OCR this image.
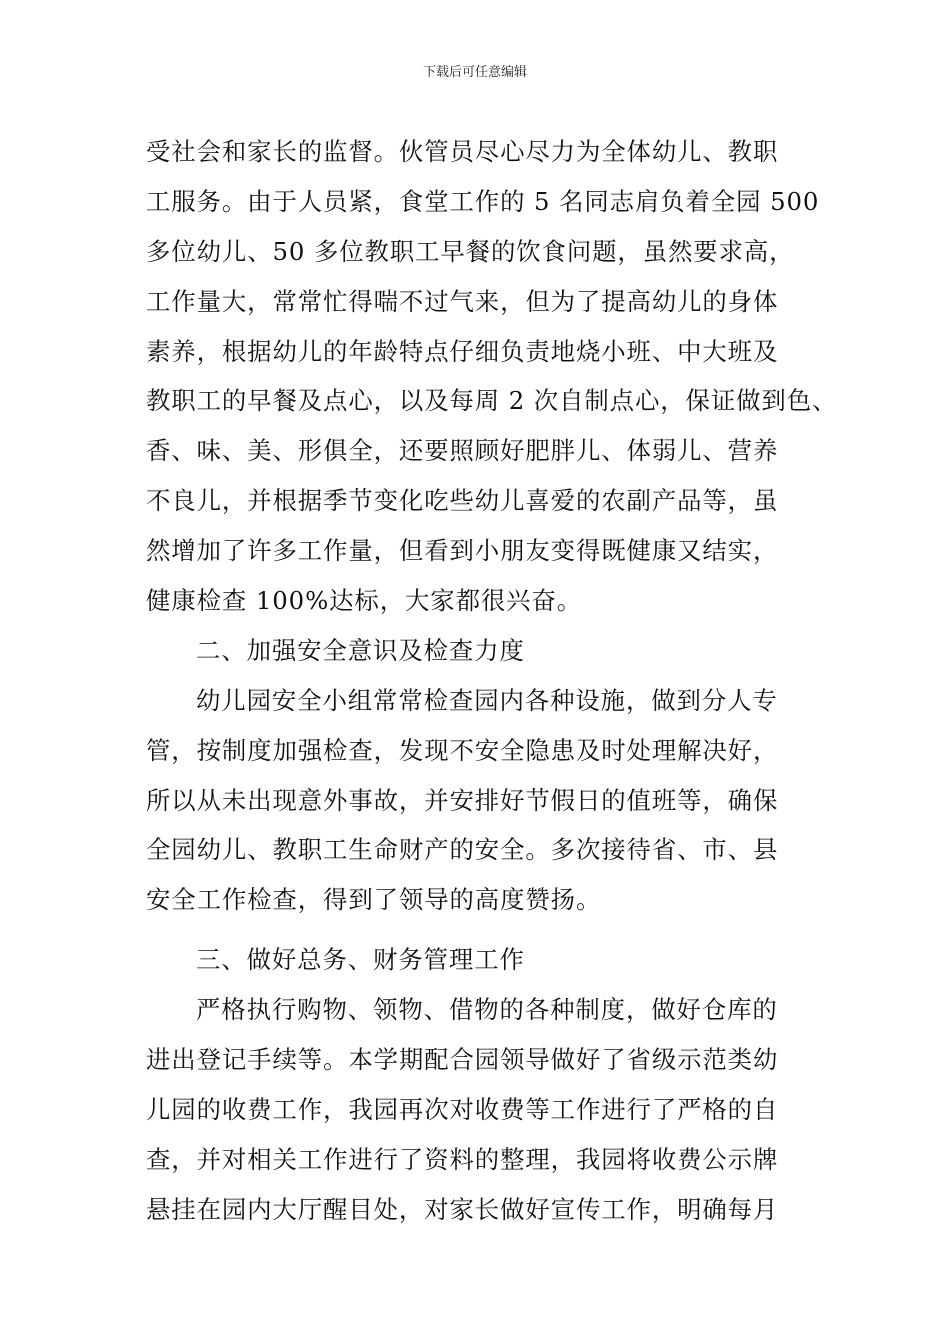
下载后可任意编辑
受社会和家长的监督。伙管员尽心尽力为全体幼儿、教职
工服务。由于人员紧，食堂工作的 5 名同志肩负着全园 500
多位幼儿、50 多位教职工早餐的饮食问题，虽然要求高，
工作量大，常常忙得喘不过气来，但为了提高幼儿的身体
素养，根据幼儿的年龄特点仔细负责地烧小班、中大班及
教职工的早餐及点心，以及每周 2 次自制点心，保证做到色、
香、味、美、形俱全，还要照顾好肥胖儿、体弱儿、营养
不良儿，并根据季节变化吃些幼儿喜爱的农副产品等，虽
然增加了许多工作量，但看到小朋友变得既健康又结实，
健康检查 100%达标，大家都很兴奋。
二、加强安全意识及检查力度
幼儿园安全小组常常检查园内各种设施，做到分人专
管，按制度加强检查，发现不安全隐患及时处理解决好，
所以从未出现意外事故，并安排好节假日的值班等，确保
全园幼儿、教职工生命财产的安全。多次接待省、市、县
安全工作检查，得到了领导的高度赞扬。
三、做好总务、财务管理工作
严格执行购物、领物、借物的各种制度，做好仓库的
进出登记手续等。本学期配合园领导做好了省级示范类幼
儿园的收费工作，我园再次对收费等工作进行了严格的自
查，并对相关工作进行了资料的整理，我园将收费公示牌
悬挂在园内大厅醒目处，对家长做好宣传工作，明确每月
